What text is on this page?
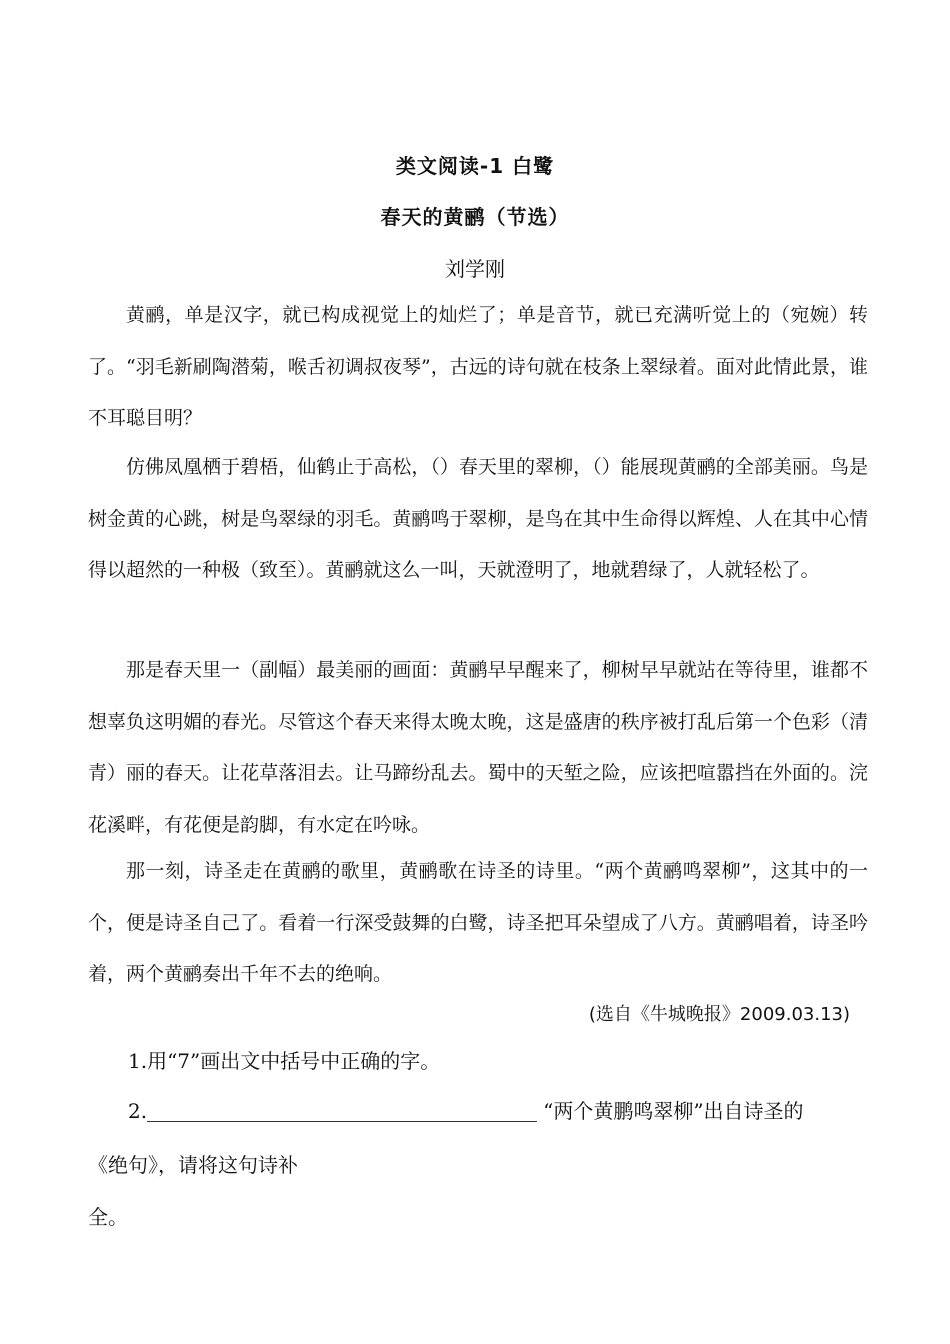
类文阅读-1 白鹭
春天的黄鹂（节选）
刘学刚

黄鹂，单是汉字，就已构成视觉上的灿烂了；单是音节，就已充满听觉上的（宛婉）转了。“羽毛新刷陶潜菊，喉舌初调叔夜琴”，古远的诗句就在枝条上翠绿着。面对此情此景，谁不耳聪目明？

仿佛凤凰栖于碧梧，仙鹤止于高松，（）春天里的翠柳，（）能展现黄鹂的全部美丽。鸟是树金黄的心跳，树是鸟翠绿的羽毛。黄鹂鸣于翠柳，是鸟在其中生命得以辉煌、人在其中心情得以超然的一种极（致至）。黄鹂就这么一叫，天就澄明了，地就碧绿了，人就轻松了。

那是春天里一（副幅）最美丽的画面：黄鹂早早醒来了，柳树早早就站在等待里，谁都不想辜负这明媚的春光。尽管这个春天来得太晚太晚，这是盛唐的秩序被打乱后第一个色彩（清青）丽的春天。让花草落泪去。让马蹄纷乱去。蜀中的天堑之险，应该把喧嚣挡在外面的。浣花溪畔，有花便是韵脚，有水定在吟咏。

那一刻，诗圣走在黄鹂的歌里，黄鹂歌在诗圣的诗里。“两个黄鹂鸣翠柳”，这其中的一个，便是诗圣自己了。看着一行深受鼓舞的白鹭，诗圣把耳朵望成了八方。黄鹂唱着，诗圣吟着，两个黄鹂奏出千年不去的绝响。

(选自《牛城晚报》2009.03.13)
1.用“7”画出文中括号中正确的字。
2.	“两个黄鹏鸣翠柳”出自诗圣的
《绝句》，请将这句诗补
全。
